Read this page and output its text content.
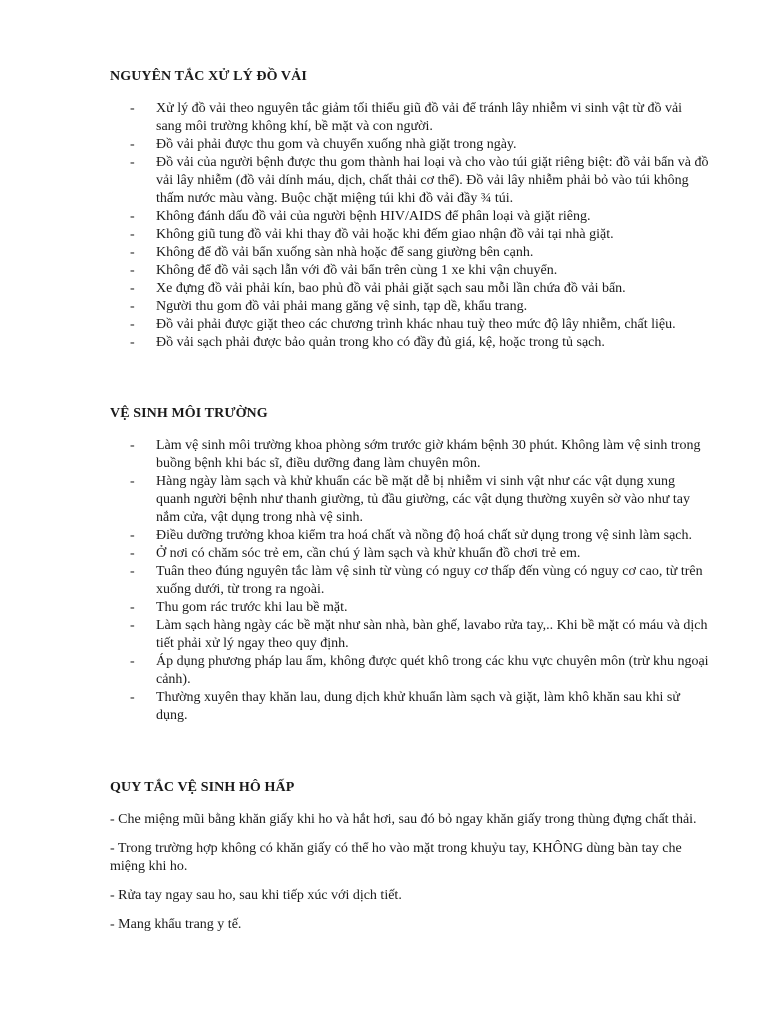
NGUYÊN TẮC XỬ LÝ ĐỒ VẢI
- Xử lý đồ vải theo nguyên tắc giảm tối thiểu giũ đồ vải để tránh lây nhiễm vi sinh vật từ đồ vải sang môi trường không khí, bề mặt và con người.
- Đồ vải phải được thu gom và chuyển xuống nhà giặt trong ngày.
- Đồ vải của người bệnh được thu gom thành hai loại và cho vào túi giặt riêng biệt: đồ vải bẩn và đồ vải lây nhiễm (đồ vải dính máu, dịch, chất thải cơ thể). Đồ vải lây nhiễm phải bỏ vào túi không thấm nước màu vàng. Buộc chặt miệng túi khi đồ vải đầy ¾ túi.
- Không đánh dấu đồ vải của người bệnh HIV/AIDS để phân loại và giặt riêng.
- Không giũ tung đồ vải khi thay đồ vải hoặc khi đếm giao nhận đồ vải tại nhà giặt.
- Không để đồ vải bẩn xuống sàn nhà hoặc để sang giường bên cạnh.
- Không để đồ vải sạch lẫn với đồ vải bẩn trên cùng 1 xe khi vận chuyển.
- Xe đựng đồ vải phải kín, bao phủ đồ vải phải giặt sạch sau mỗi lần chứa đồ vải bẩn.
- Người thu gom đồ vải phải mang găng vệ sinh, tạp dề, khẩu trang.
- Đồ vải phải được giặt theo các chương trình khác nhau tuỳ theo mức độ lây nhiễm, chất liệu.
- Đồ vải sạch phải được bảo quản trong kho có đầy đủ giá, kệ, hoặc trong tủ sạch.
VỆ SINH MÔI TRƯỜNG
- Làm vệ sinh môi trường khoa phòng sớm trước giờ khám bệnh 30 phút. Không làm vệ sinh trong buồng bệnh khi bác sĩ, điều dưỡng đang làm chuyên môn.
- Hàng ngày làm sạch và khử khuẩn các bề mặt dễ bị nhiễm vi sinh vật như các vật dụng xung quanh người bệnh như thanh giường, tủ đầu giường, các vật dụng thường xuyên sờ vào như tay nắm cửa, vật dụng trong nhà vệ sinh.
- Điều dưỡng trưởng khoa kiểm tra hoá chất và nồng độ hoá chất sử dụng trong vệ sinh làm sạch.
- Ở nơi có chăm sóc trẻ em, cần chú ý làm sạch và khử khuẩn đồ chơi trẻ em.
- Tuân theo đúng nguyên tắc làm vệ sinh từ vùng có nguy cơ thấp đến vùng có nguy cơ cao, từ trên xuống dưới, từ trong ra ngoài.
- Thu gom rác trước khi lau bề mặt.
- Làm sạch hàng ngày các bề mặt như sàn nhà, bàn ghế, lavabo rửa tay,.. Khi bề mặt có máu và dịch tiết phải xử lý ngay theo quy định.
- Áp dụng phương pháp lau ẩm, không được quét khô trong các khu vực chuyên môn (trừ khu ngoại cảnh).
- Thường xuyên thay khăn lau, dung dịch khử khuẩn làm sạch và giặt, làm khô khăn sau khi sử dụng.
QUY TẮC VỆ SINH HÔ HẤP

- Che miệng mũi bằng khăn giấy khi ho và hắt hơi, sau đó bỏ ngay khăn giấy trong thùng đựng chất thải.

- Trong trường hợp không có khăn giấy có thể ho vào mặt trong khuỷu tay, KHÔNG dùng bàn tay che miệng khi ho.

- Rửa tay ngay sau ho, sau khi tiếp xúc với dịch tiết.

- Mang khẩu trang y tế.
